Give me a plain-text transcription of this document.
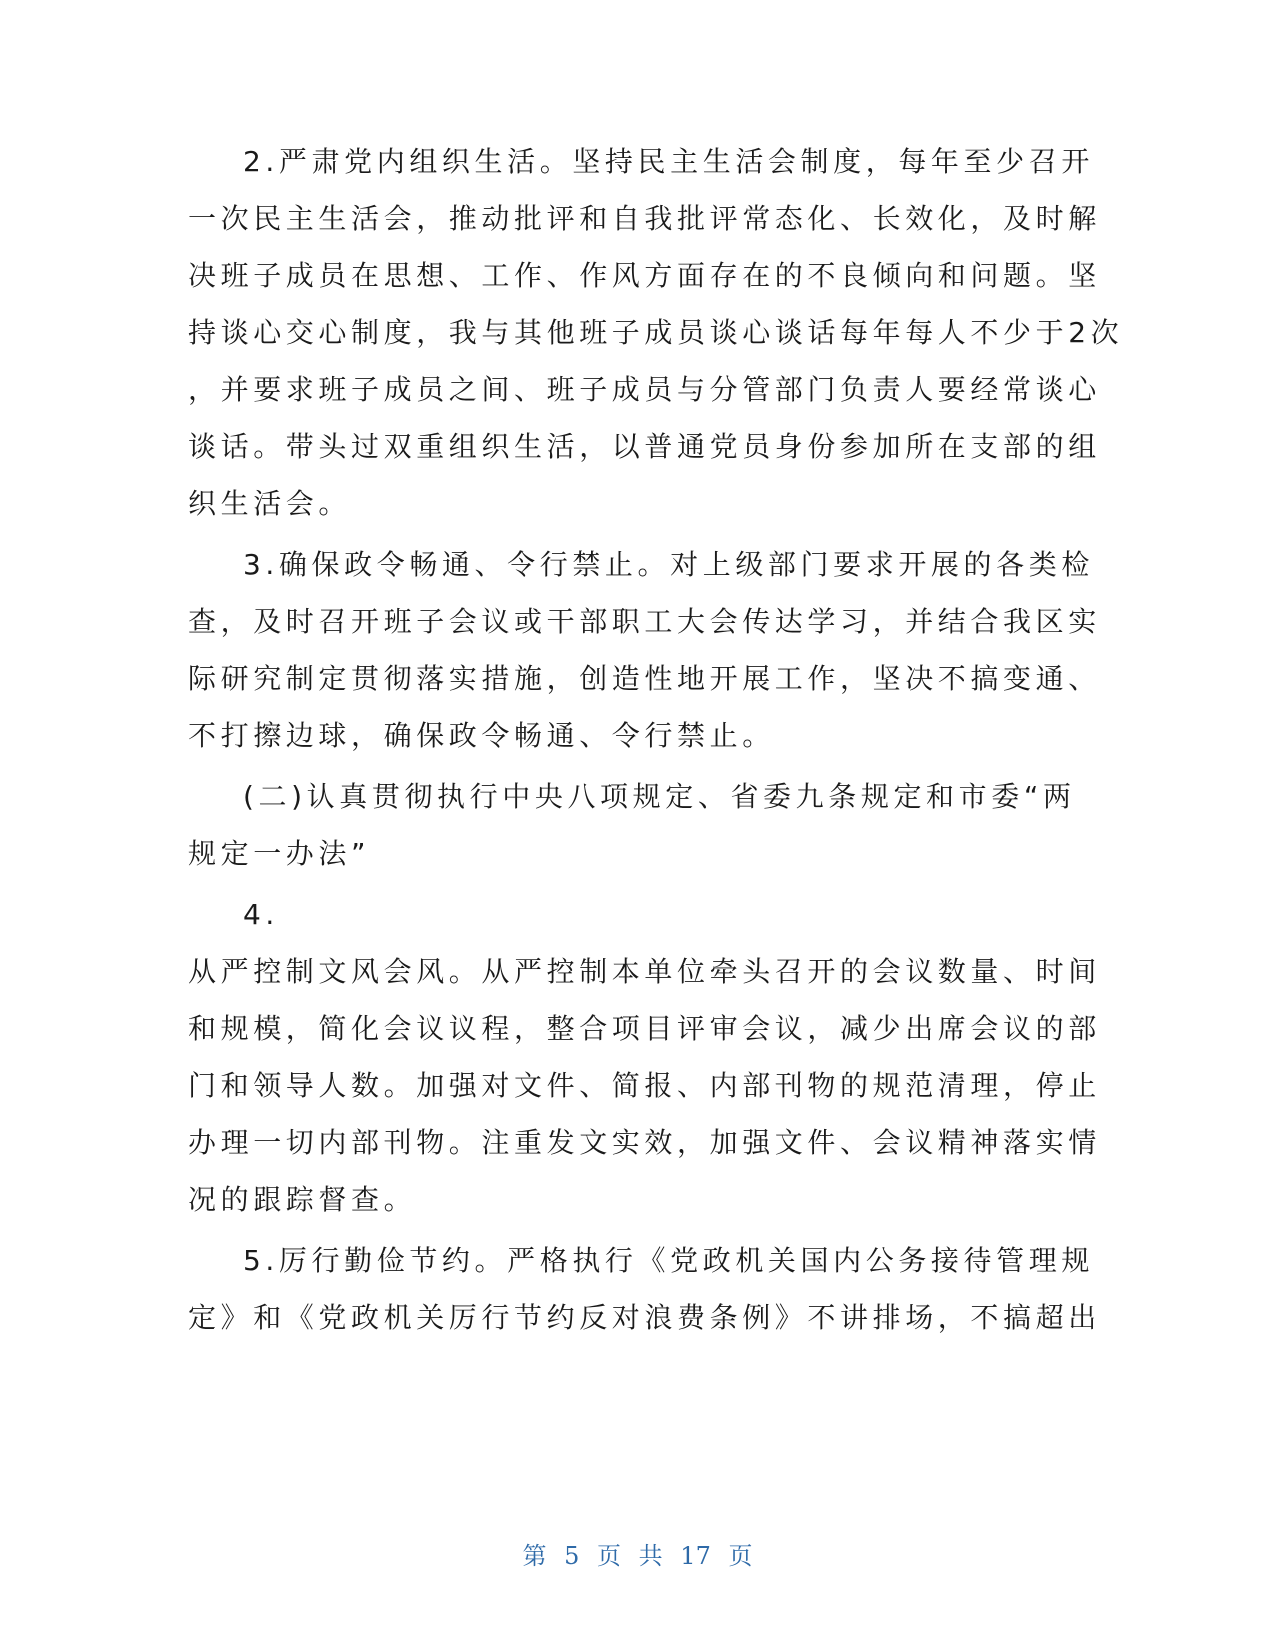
2.严肃党内组织生活。坚持民主生活会制度，每年至少召开
一次民主生活会，推动批评和自我批评常态化、长效化，及时解
决班子成员在思想、工作、作风方面存在的不良倾向和问题。坚
持谈心交心制度，我与其他班子成员谈心谈话每年每人不少于2次
，并要求班子成员之间、班子成员与分管部门负责人要经常谈心
谈话。带头过双重组织生活，以普通党员身份参加所在支部的组
织生活会。
3.确保政令畅通、令行禁止。对上级部门要求开展的各类检
查，及时召开班子会议或干部职工大会传达学习，并结合我区实
际研究制定贯彻落实措施，创造性地开展工作，坚决不搞变通、
不打擦边球，确保政令畅通、令行禁止。
(二)认真贯彻执行中央八项规定、省委九条规定和市委“两
规定一办法”
4.
从严控制文风会风。从严控制本单位牵头召开的会议数量、时间
和规模，简化会议议程，整合项目评审会议，减少出席会议的部
门和领导人数。加强对文件、简报、内部刊物的规范清理，停止
办理一切内部刊物。注重发文实效，加强文件、会议精神落实情
况的跟踪督查。
5.厉行勤俭节约。严格执行《党政机关国内公务接待管理规
定》和《党政机关厉行节约反对浪费条例》不讲排场，不搞超出
第 5 页 共 17 页
